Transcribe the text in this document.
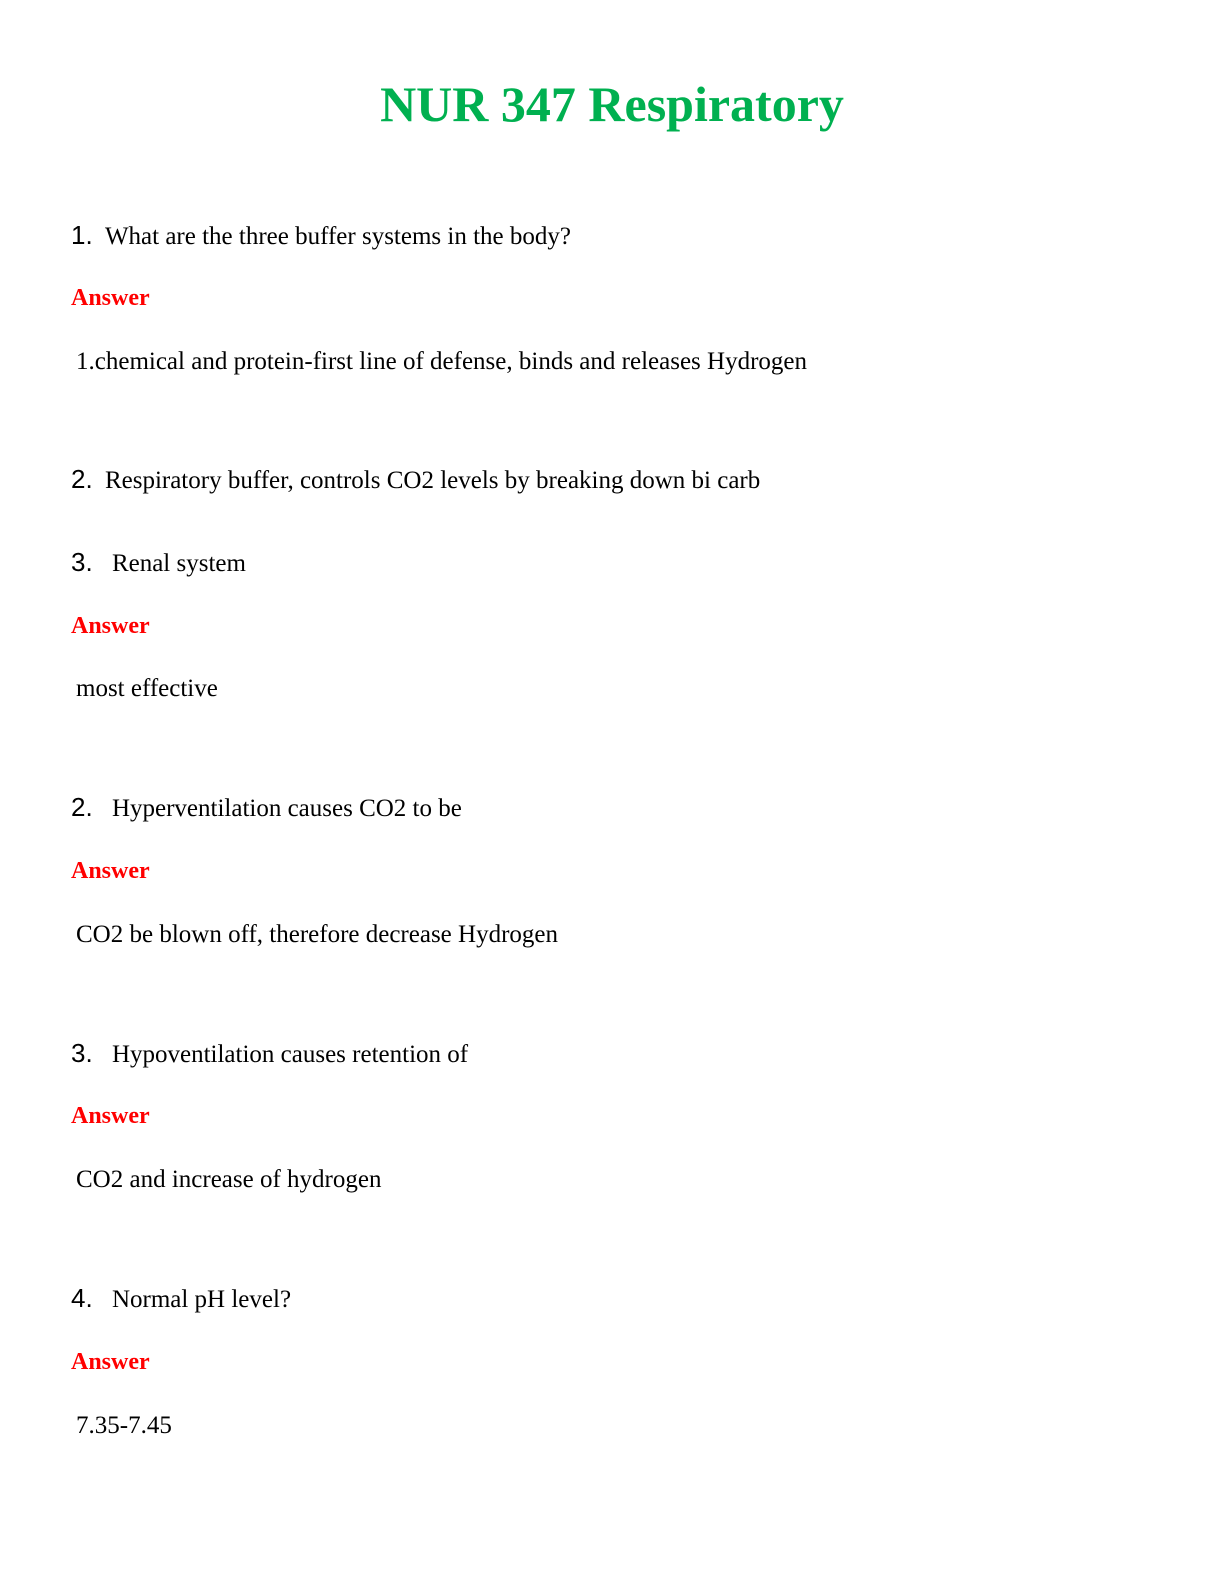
NUR 347 Respiratory
1. What are the three buffer systems in the body?
Answer
1.chemical and protein-first line of defense, binds and releases Hydrogen
2. Respiratory buffer, controls CO2 levels by breaking down bi carb
3. Renal system
Answer
most effective
2. Hyperventilation causes CO2 to be
Answer
CO2 be blown off, therefore decrease Hydrogen
3. Hypoventilation causes retention of
Answer
CO2 and increase of hydrogen
4. Normal pH level?
Answer
7.35-7.45
